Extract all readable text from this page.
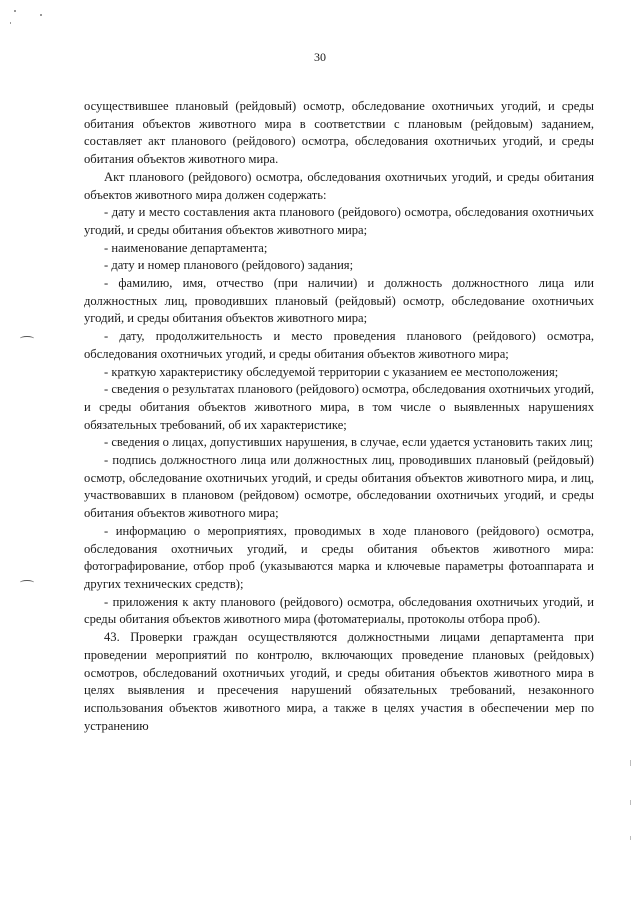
30

осуществившее плановый (рейдовый) осмотр, обследование охотничьих угодий, и среды обитания объектов животного мира в соответствии с плановым (рейдовым) заданием, составляет акт планового (рейдового) осмотра, обследования охотничьих угодий, и среды обитания объектов животного мира.

Акт планового (рейдового) осмотра, обследования охотничьих угодий, и среды обитания объектов животного мира должен содержать:

- дату и место составления акта планового (рейдового) осмотра, обследования охотничьих угодий, и среды обитания объектов животного мира;

- наименование департамента;

- дату и номер планового (рейдового) задания;

- фамилию, имя, отчество (при наличии) и должность должностного лица или должностных лиц, проводивших плановый (рейдовый) осмотр, обследование охотничьих угодий, и среды обитания объектов животного мира;

- дату, продолжительность и место проведения планового (рейдового) осмотра, обследования охотничьих угодий, и среды обитания объектов животного мира;

- краткую характеристику обследуемой территории с указанием ее местоположения;

- сведения о результатах планового (рейдового) осмотра, обследования охотничьих угодий, и среды обитания объектов животного мира, в том числе о выявленных нарушениях обязательных требований, об их характеристике;

- сведения о лицах, допустивших нарушения, в случае, если удается установить таких лиц;

- подпись должностного лица или должностных лиц, проводивших плановый (рейдовый) осмотр, обследование охотничьих угодий, и среды обитания объектов животного мира, и лиц, участвовавших в плановом (рейдовом) осмотре, обследовании охотничьих угодий, и среды обитания объектов животного мира;

- информацию о мероприятиях, проводимых в ходе планового (рейдового) осмотра, обследования охотничьих угодий, и среды обитания объектов животного мира: фотографирование, отбор проб (указываются марка и ключевые параметры фотоаппарата и других технических средств);

- приложения к акту планового (рейдового) осмотра, обследования охотничьих угодий, и среды обитания объектов животного мира (фотоматериалы, протоколы отбора проб).

43. Проверки граждан осуществляются должностными лицами департамента при проведении мероприятий по контролю, включающих проведение плановых (рейдовых) осмотров, обследований охотничьих угодий, и среды обитания объектов животного мира в целях выявления и пресечения нарушений обязательных требований, незаконного использования объектов животного мира, а также в целях участия в обеспечении мер по устранению
